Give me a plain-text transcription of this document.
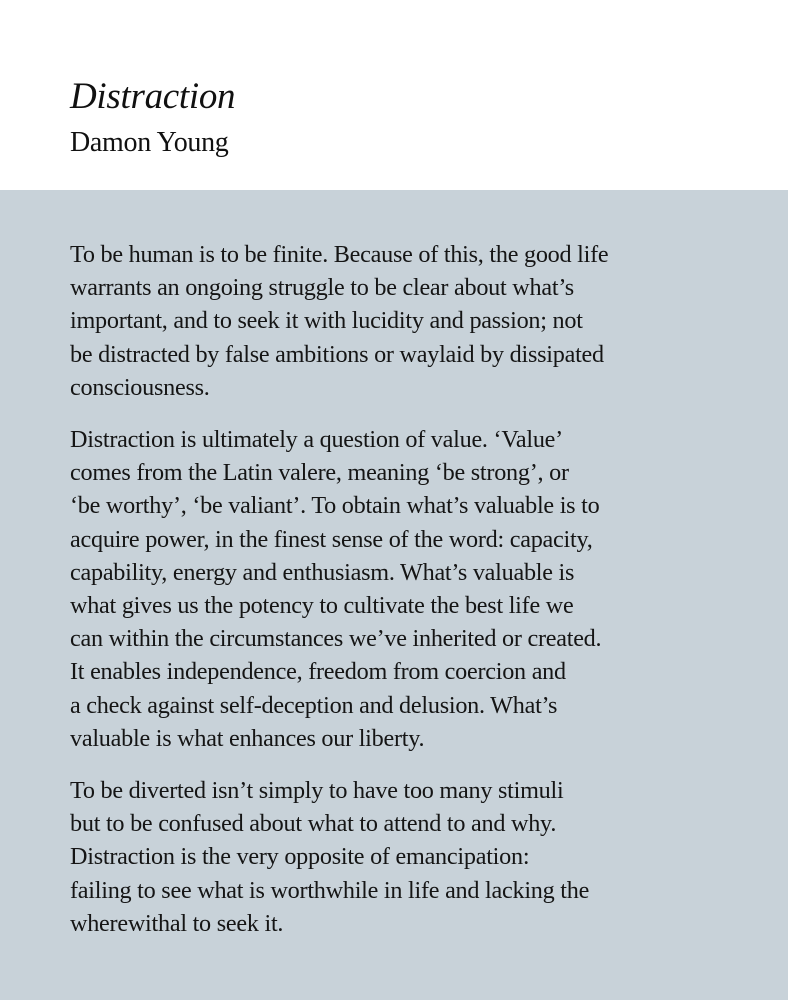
Distraction
Damon Young

To be human is to be finite. Because of this, the good life
warrants an ongoing struggle to be clear about what’s
important, and to seek it with lucidity and passion; not
be distracted by false ambitions or waylaid by dissipated
consciousness.

Distraction is ultimately a question of value. ‘Value’
comes from the Latin valere, meaning ‘be strong’, or
‘be worthy’, ‘be valiant’. To obtain what’s valuable is to
acquire power, in the finest sense of the word: capacity,
capability, energy and enthusiasm. What’s valuable is
what gives us the potency to cultivate the best life we
can within the circumstances we’ve inherited or created.
It enables independence, freedom from coercion and
a check against self-deception and delusion. What’s
valuable is what enhances our liberty.

To be diverted isn’t simply to have too many stimuli
but to be confused about what to attend to and why.
Distraction is the very opposite of emancipation:
failing to see what is worthwhile in life and lacking the
wherewithal to seek it.
